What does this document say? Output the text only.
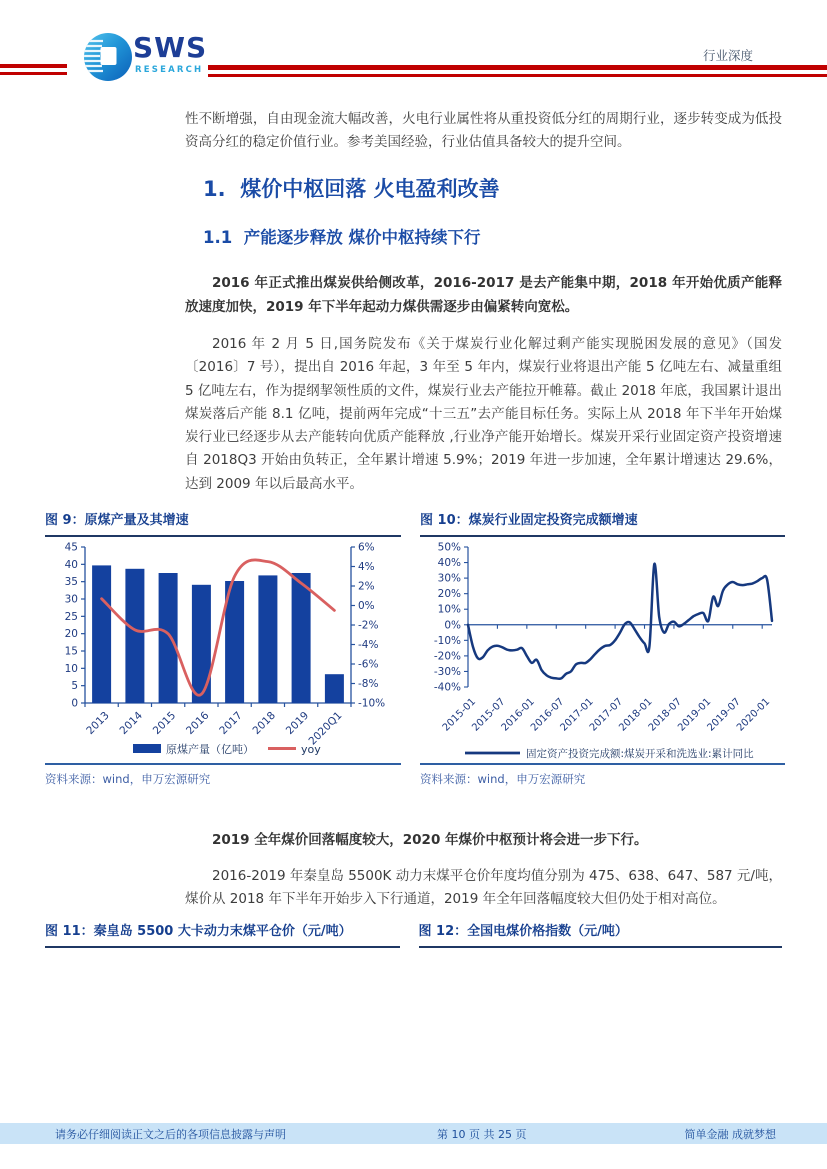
SWS
RESEARCH
行业深度

性不断增强，自由现金流大幅改善，火电行业属性将从重投资低分红的周期行业，逐步转变成为低投资高分红的稳定价值行业。参考美国经验，行业估值具备较大的提升空间。

1.  煤价中枢回落 火电盈利改善
1.1  产能逐步释放 煤价中枢持续下行

2016 年正式推出煤炭供给侧改革，2016-2017 是去产能集中期，2018 年开始优质产能释放速度加快，2019 年下半年起动力煤供需逐步由偏紧转向宽松。

2016 年 2 月 5 日,国务院发布《关于煤炭行业化解过剩产能实现脱困发展的意见》（国发〔2016〕7 号），提出自 2016 年起，3 年至 5 年内，煤炭行业将退出产能 5 亿吨左右、减量重组 5 亿吨左右，作为提纲挈领性质的文件，煤炭行业去产能拉开帷幕。截止 2018 年底，我国累计退出煤炭落后产能 8.1 亿吨，提前两年完成“十三五”去产能目标任务。实际上从 2018 年下半年开始煤炭行业已经逐步从去产能转向优质产能释放 ,行业净产能开始增长。煤炭开采行业固定资产投资增速自 2018Q3 开始由负转正，全年累计增速 5.9%；2019 年进一步加速，全年累计增速达 29.6%，达到 2009 年以后最高水平。

图 9：原煤产量及其增速
0
5
10
15
20
25
30
35
40
45
-10%
-8%
-6%
-4%
-2%
0%
2%
4%
6%
2013 2014 2015 2016 2017 2018 2019
2020Q1
原煤产量（亿吨）	yoy
资料来源：wind，申万宏源研究
图 10：煤炭行业固定投资完成额增速
50%
40%
30%
20%
10%
0%
-10%
-20%
-30%
-40%
2015-01
2015-07
2016-01
2016-07
2017-01
2017-07
2018-01
2018-07
2019-01
2019-07
2020-01
固定资产投资完成额:煤炭开采和洗选业:累计同比
资料来源：wind，申万宏源研究

2019 全年煤价回落幅度较大，2020 年煤价中枢预计将会进一步下行。

2016-2019 年秦皇岛 5500K 动力末煤平仓价年度均值分别为 475、638、647、587 元/吨，煤价从 2018 年下半年开始步入下行通道，2019 年全年回落幅度较大但仍处于相对高位。

图 11：秦皇岛 5500 大卡动力末煤平仓价（元/吨）	图 12：全国电煤价格指数（元/吨）
请务必仔细阅读正文之后的各项信息披露与声明	第 10 页 共 25 页	简单金融 成就梦想
